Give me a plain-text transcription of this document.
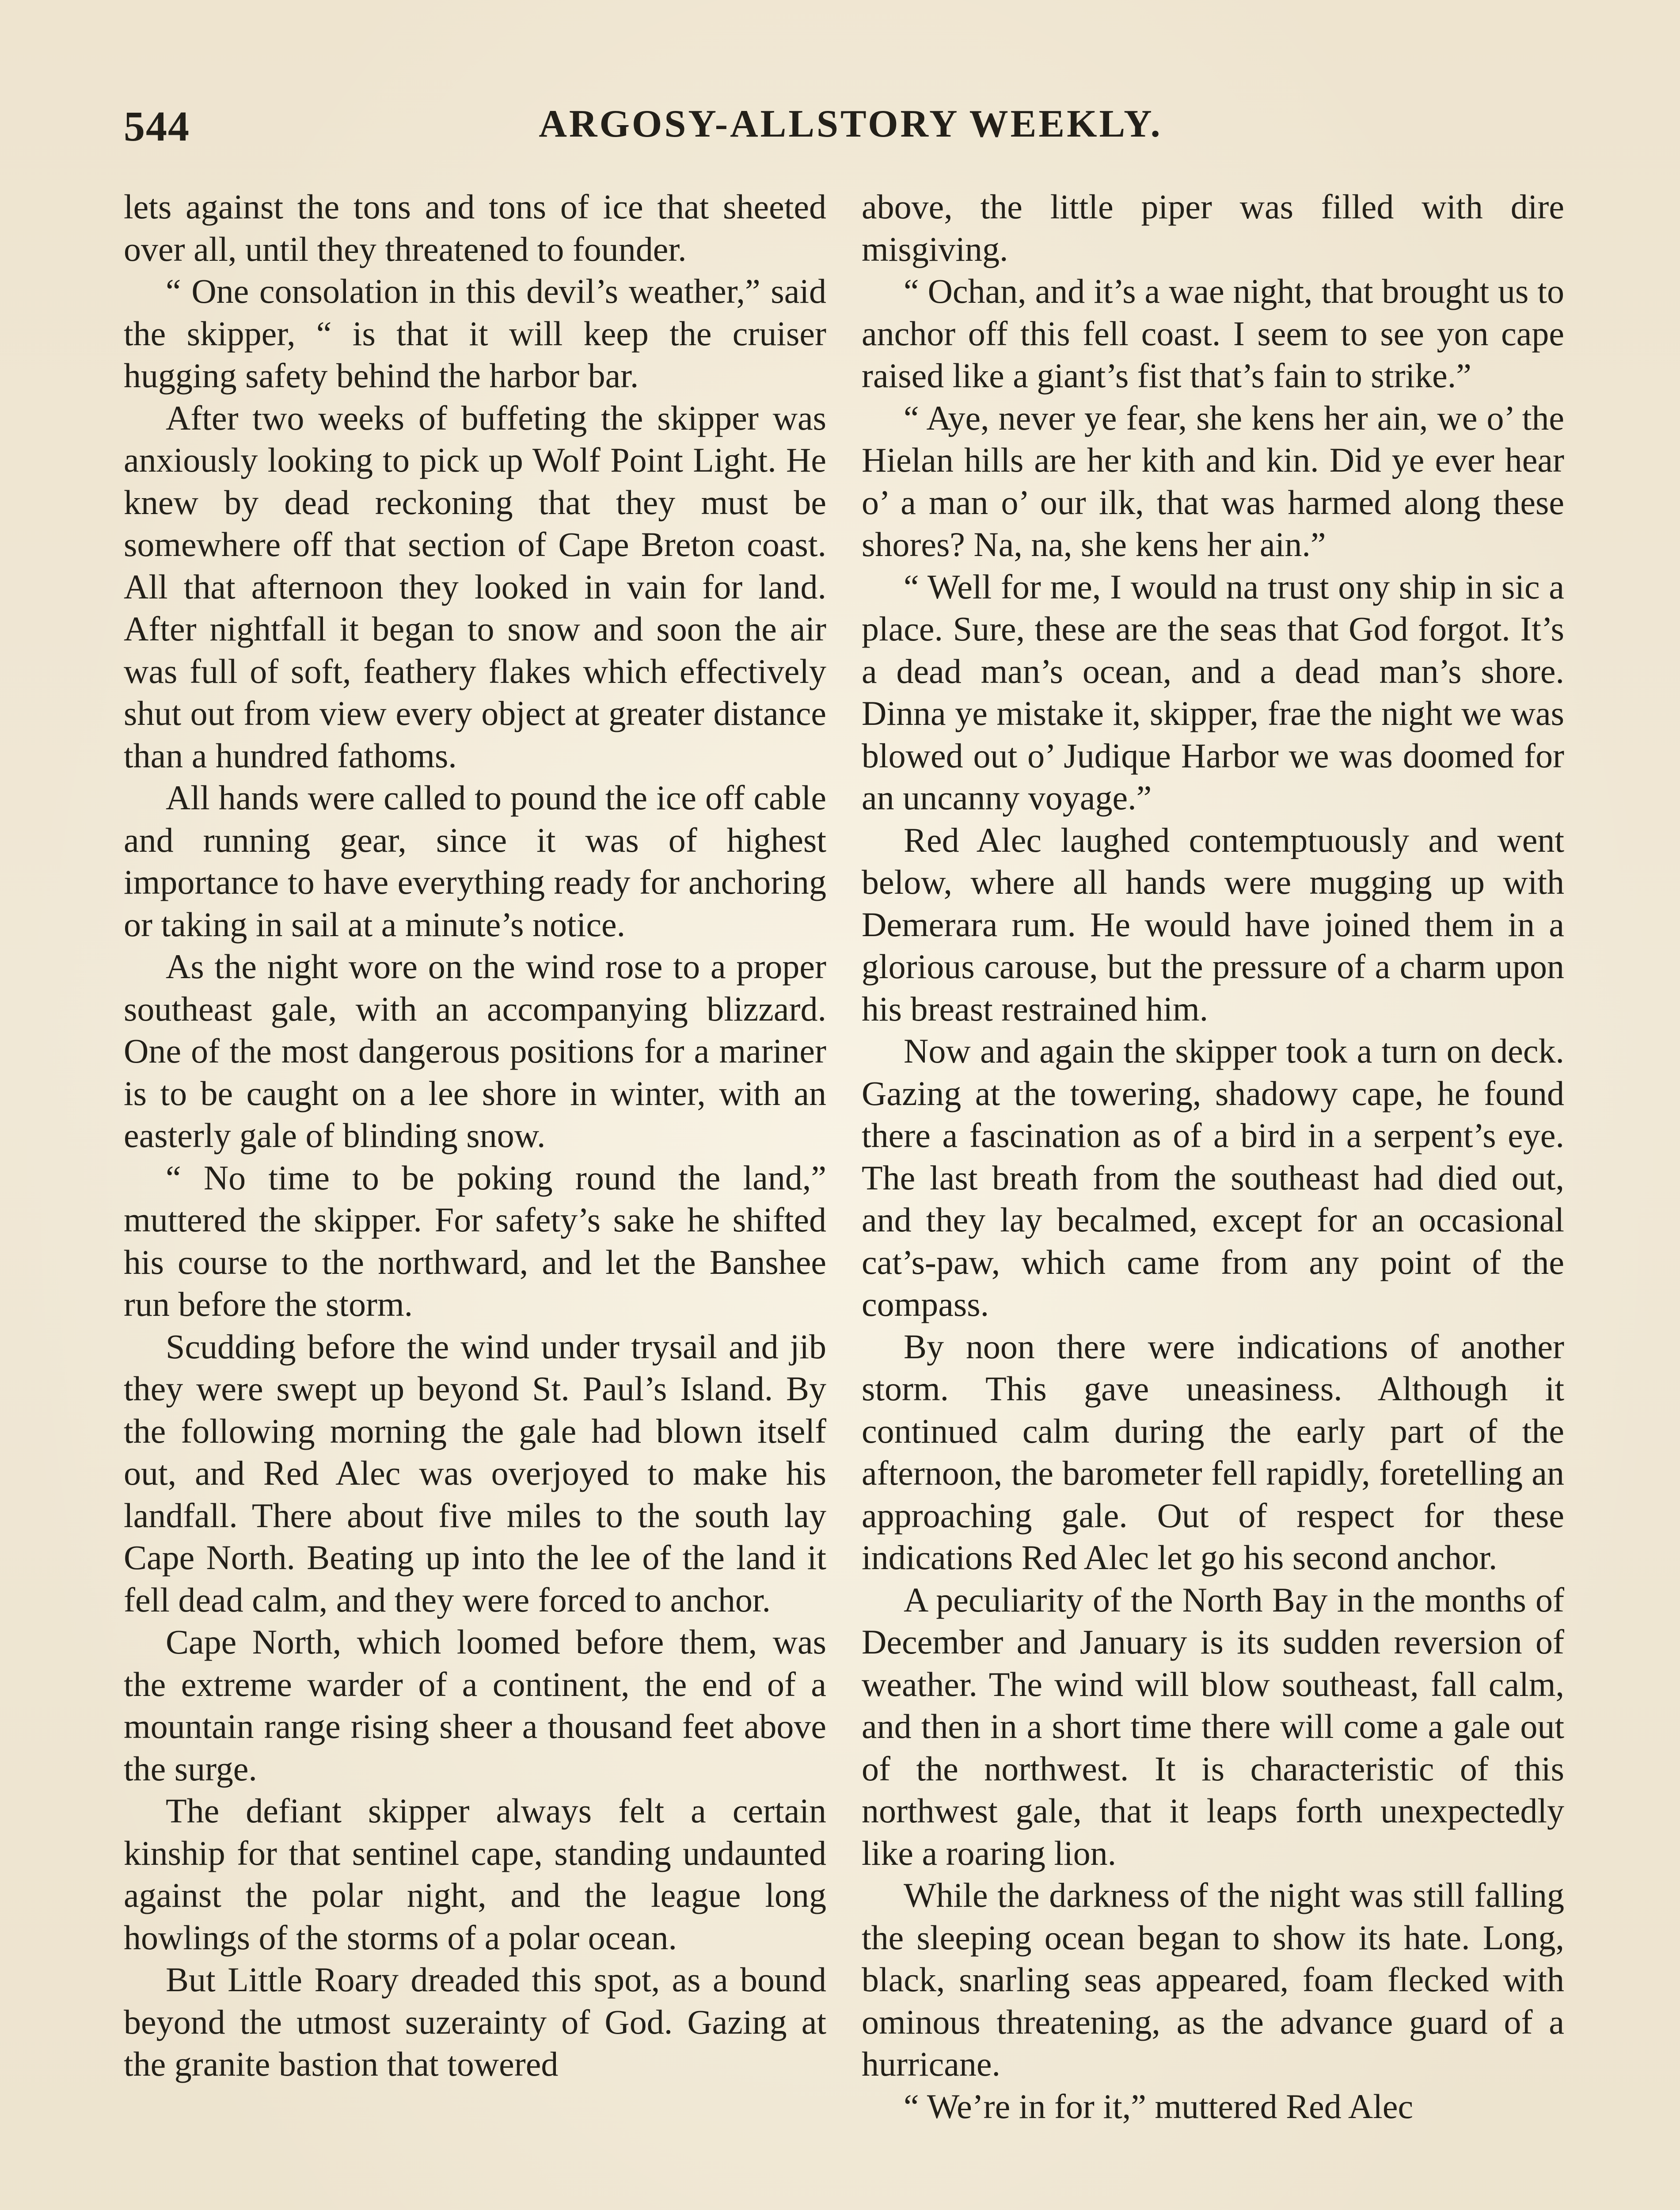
544	ARGOSY-ALLSTORY WEEKLY.

lets against the tons and tons of ice that sheeted over all, until they threatened to founder.

“ One consolation in this devil’s weather,” said the skipper, “ is that it will keep the cruiser hugging safety behind the harbor bar.

After two weeks of buffeting the skipper was anxiously looking to pick up Wolf Point Light. He knew by dead reckoning that they must be somewhere off that section of Cape Breton coast. All that afternoon they looked in vain for land. After nightfall it began to snow and soon the air was full of soft, feathery flakes which effectively shut out from view every object at greater distance than a hundred fathoms.

All hands were called to pound the ice off cable and running gear, since it was of highest importance to have everything ready for anchoring or taking in sail at a minute’s notice.

As the night wore on the wind rose to a proper southeast gale, with an accompanying blizzard. One of the most dangerous positions for a mariner is to be caught on a lee shore in winter, with an easterly gale of blinding snow.

“ No time to be poking round the land,” muttered the skipper. For safety’s sake he shifted his course to the northward, and let the Banshee run before the storm.

Scudding before the wind under trysail and jib they were swept up beyond St. Paul’s Island. By the following morning the gale had blown itself out, and Red Alec was overjoyed to make his landfall. There about five miles to the south lay Cape North. Beating up into the lee of the land it fell dead calm, and they were forced to anchor.

Cape North, which loomed before them, was the extreme warder of a continent, the end of a mountain range rising sheer a thousand feet above the surge.

The defiant skipper always felt a certain kinship for that sentinel cape, standing undaunted against the polar night, and the league long howlings of the storms of a polar ocean.

But Little Roary dreaded this spot, as a bound beyond the utmost suzerainty of God. Gazing at the granite bastion that towered

above, the little piper was filled with dire misgiving.

“ Ochan, and it’s a wae night, that brought us to anchor off this fell coast. I seem to see yon cape raised like a giant’s fist that’s fain to strike.”

“ Aye, never ye fear, she kens her ain, we o’ the Hielan hills are her kith and kin. Did ye ever hear o’ a man o’ our ilk, that was harmed along these shores? Na, na, she kens her ain.”

“ Well for me, I would na trust ony ship in sic a place. Sure, these are the seas that God forgot. It’s a dead man’s ocean, and a dead man’s shore. Dinna ye mistake it, skipper, frae the night we was blowed out o’ Judique Harbor we was doomed for an uncanny voyage.”

Red Alec laughed contemptuously and went below, where all hands were mugging up with Demerara rum. He would have joined them in a glorious carouse, but the pressure of a charm upon his breast restrained him.

Now and again the skipper took a turn on deck. Gazing at the towering, shadowy cape, he found there a fascination as of a bird in a serpent’s eye. The last breath from the southeast had died out, and they lay becalmed, except for an occasional cat’s-paw, which came from any point of the compass.

By noon there were indications of another storm. This gave uneasiness. Although it continued calm during the early part of the afternoon, the barometer fell rapidly, foretelling an approaching gale. Out of respect for these indications Red Alec let go his second anchor.

A peculiarity of the North Bay in the months of December and January is its sudden reversion of weather. The wind will blow southeast, fall calm, and then in a short time there will come a gale out of the northwest. It is characteristic of this northwest gale, that it leaps forth unexpectedly like a roaring lion.

While the darkness of the night was still falling the sleeping ocean began to show its hate. Long, black, snarling seas appeared, foam flecked with ominous threatening, as the advance guard of a hurricane.

“ We’re in for it,” muttered Red Alec
